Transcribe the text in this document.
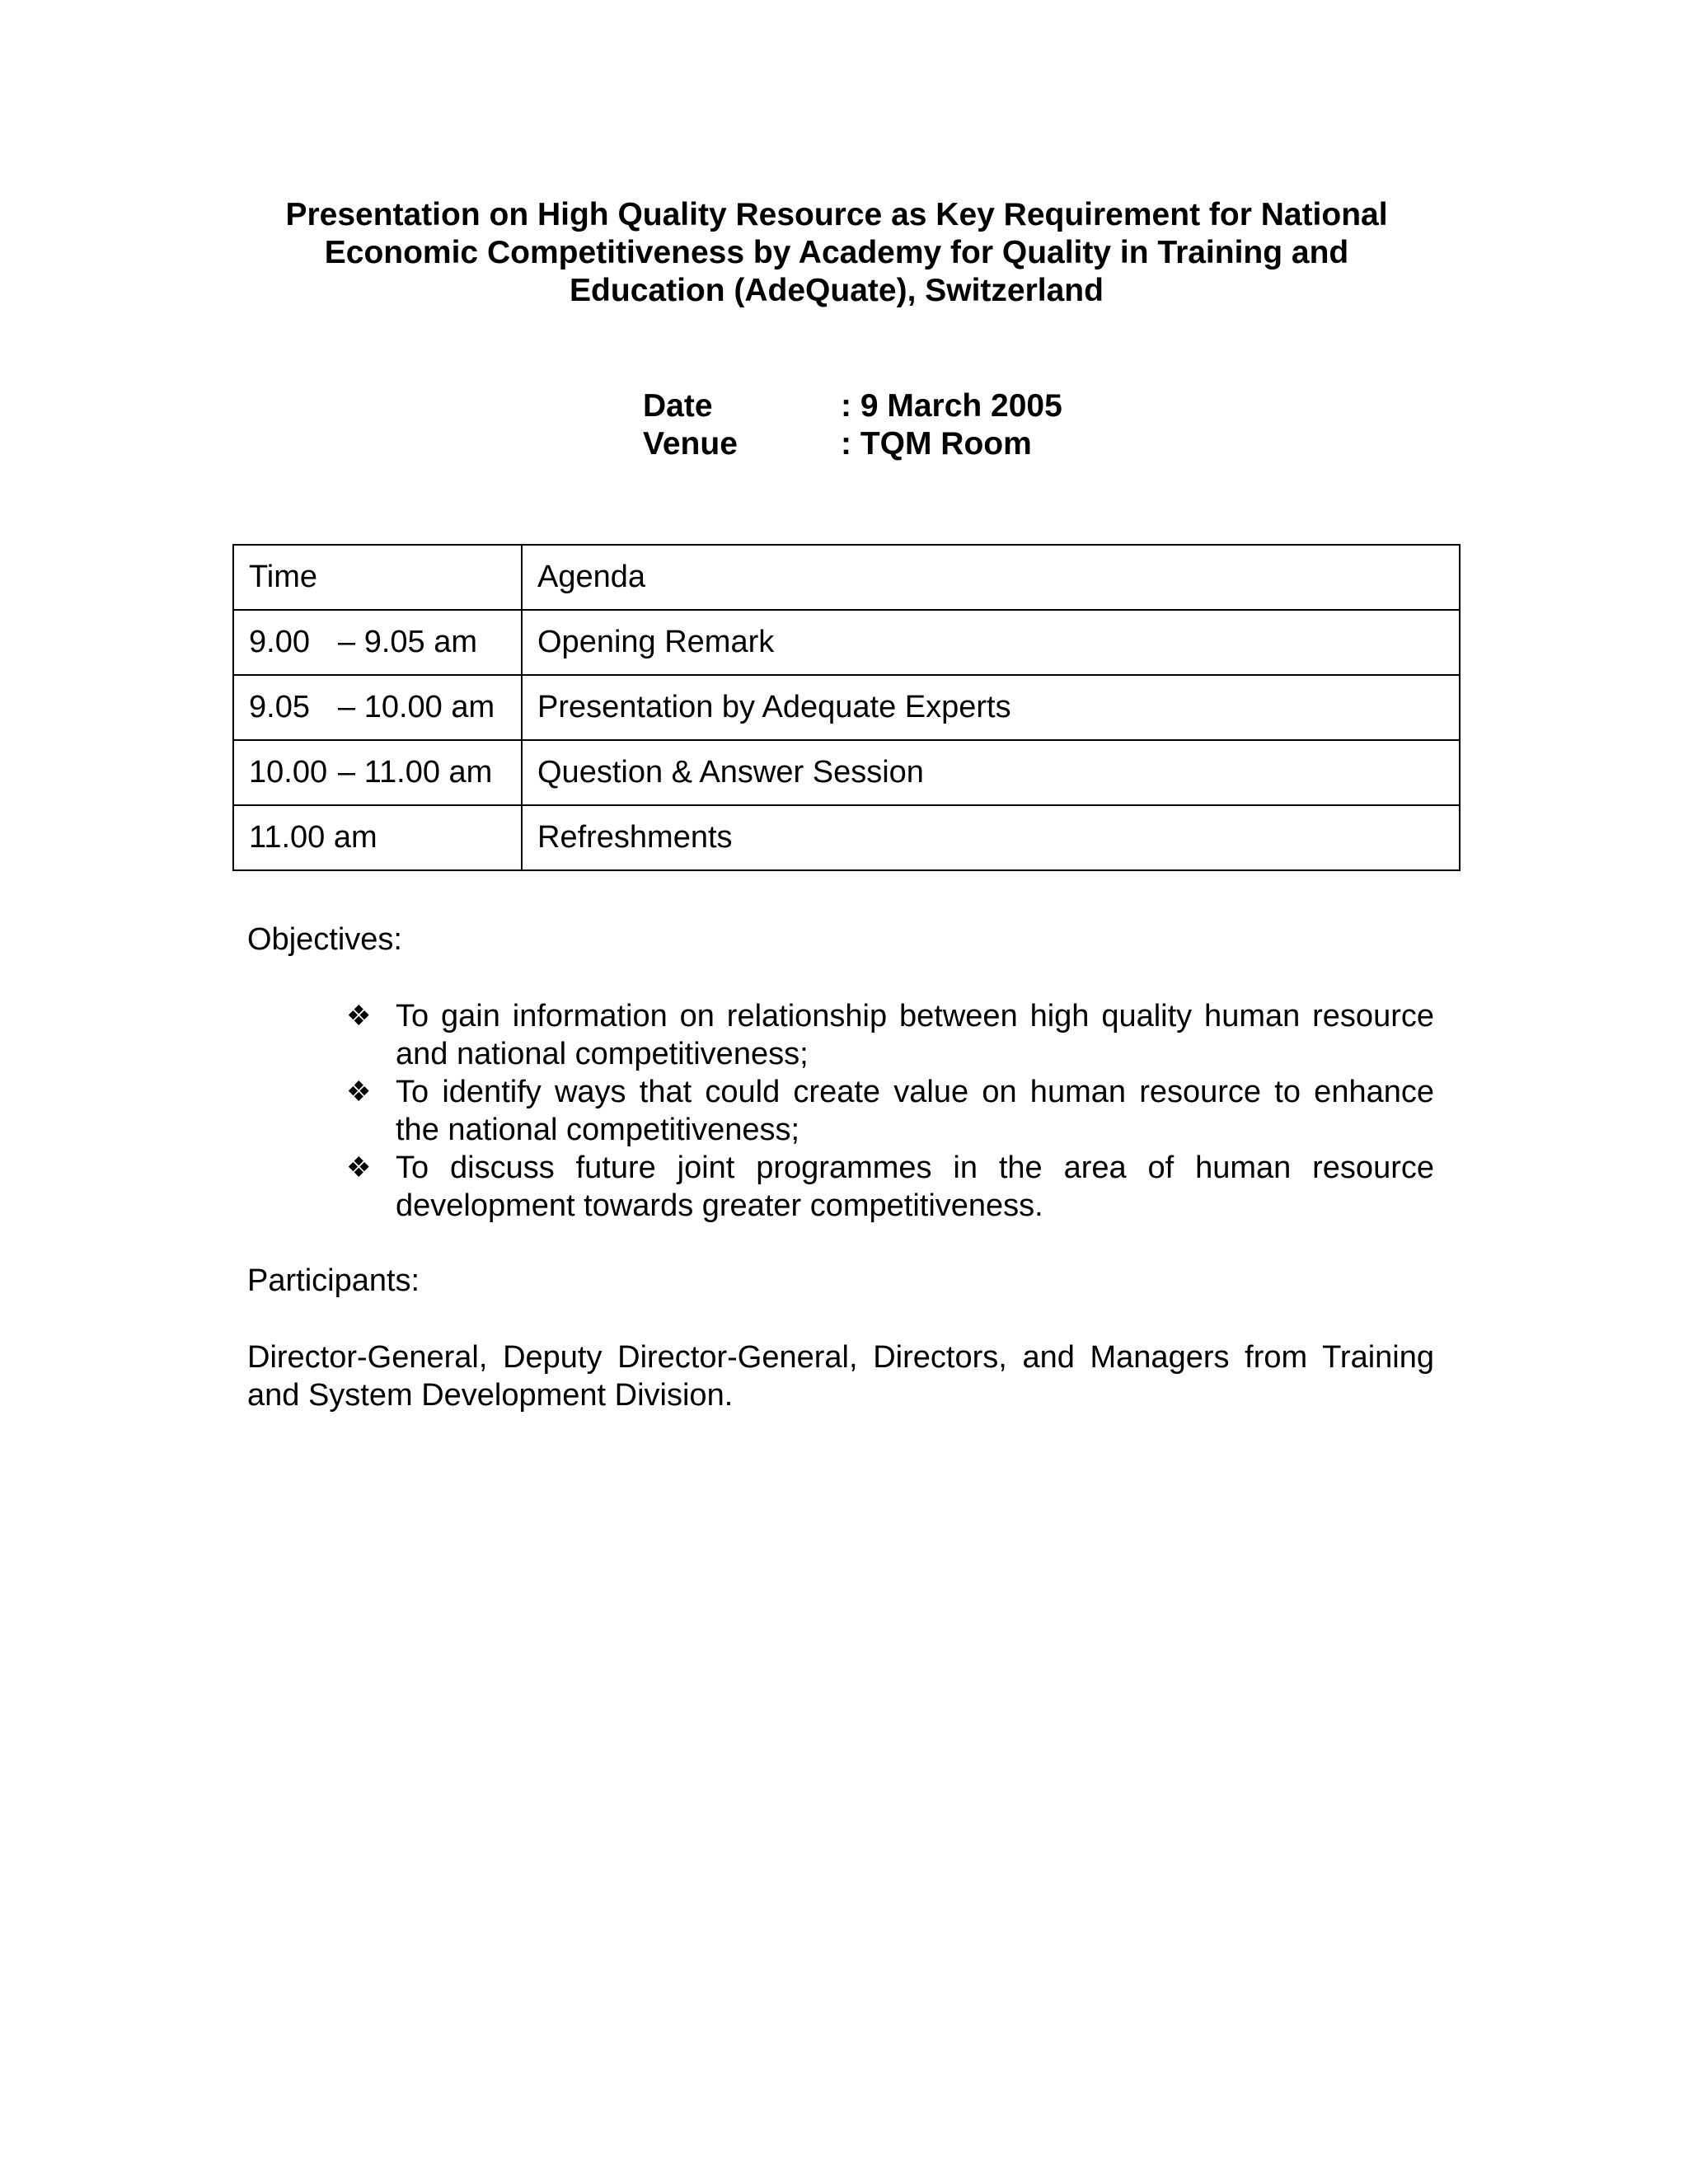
Presentation on High Quality Resource as Key Requirement for National
Economic Competitiveness by Academy for Quality in Training and
Education (AdeQuate), Switzerland
Date	: 9 March 2005
Venue	: TQM Room
Time	Agenda
9.00 – 9.05 am	Opening Remark
9.05 – 10.00 am	Presentation by Adequate Experts
10.00 – 11.00 am	Question & Answer Session
11.00 am	Refreshments
Objectives:
❖ To gain information on relationship between high quality human resource and national competitiveness;
❖ To identify ways that could create value on human resource to enhance the national competitiveness;
❖ To discuss future joint programmes in the area of human resource development towards greater competitiveness.
Participants:
Director-General, Deputy Director-General, Directors, and Managers from Training and System Development Division.
